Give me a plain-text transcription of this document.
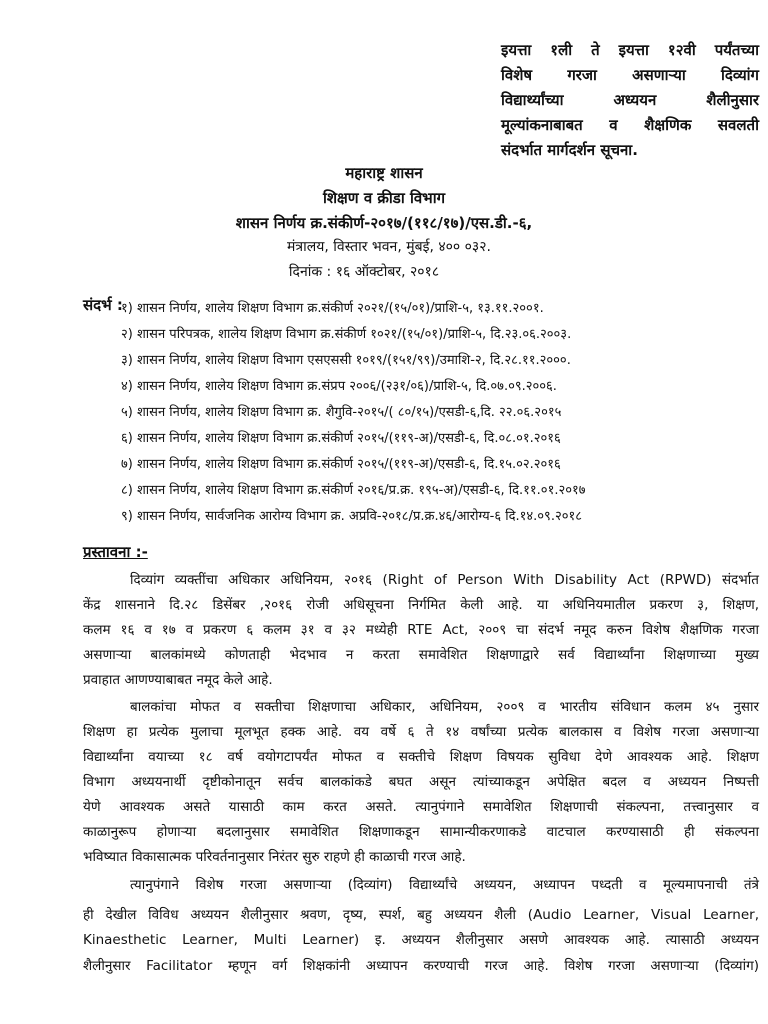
इयत्ता १ली ते इयत्ता १२वी पर्यंतच्या
विशेष गरजा असणाऱ्या दिव्यांग
विद्यार्थ्यांच्या अध्ययन शैलीनुसार
मूल्यांकनाबाबत व शैक्षणिक सवलती
संदर्भात मार्गदर्शन सूचना.
महाराष्ट्र शासन
शिक्षण व क्रीडा विभाग
शासन निर्णय क्र.संकीर्ण-२०१७/(११८/१७)/एस.डी.-६,
मंत्रालय, विस्तार भवन, मुंबई, ४०० ०३२.
दिनांक : १६ ऑक्टोबर, २०१८
संदर्भ :
१) शासन निर्णय, शालेय शिक्षण विभाग क्र.संकीर्ण २०२१/(१५/०१)/प्राशि-५, १३.११.२००१.
२) शासन परिपत्रक, शालेय शिक्षण विभाग क्र.संकीर्ण १०२१/(१५/०१)/प्राशि-५, दि.२३.०६.२००३.
३) शासन निर्णय, शालेय शिक्षण विभाग एसएससी १०१९/(१५१/९९)/उमाशि-२, दि.२८.११.२०००.
४) शासन निर्णय, शालेय शिक्षण विभाग क्र.संप्रप २००६/(२३१/०६)/प्राशि-५, दि.०७.०९.२००६.
५) शासन निर्णय, शालेय शिक्षण विभाग क्र. शैगुवि-२०१५/( ८०/१५)/एसडी-६,दि. २२.०६.२०१५
६) शासन निर्णय, शालेय शिक्षण विभाग क्र.संकीर्ण २०१५/(११९-अ)/एसडी-६, दि.०८.०१.२०१६
७) शासन निर्णय, शालेय शिक्षण विभाग क्र.संकीर्ण २०१५/(११९-अ)/एसडी-६, दि.१५.०२.२०१६
८) शासन निर्णय, शालेय शिक्षण विभाग क्र.संकीर्ण २०१६/प्र.क्र. १९५-अ)/एसडी-६, दि.११.०१.२०१७
९) शासन निर्णय, सार्वजनिक आरोग्य विभाग क्र. अप्रवि-२०१८/प्र.क्र.४६/आरोग्य-६ दि.१४.०९.२०१८
प्रस्तावना :-
दिव्यांग व्यक्तींचा अधिकार अधिनियम, २०१६ (Right of Person With Disability Act (RPWD) संदर्भात
केंद्र शासनाने दि.२८ डिसेंबर ,२०१६ रोजी अधिसूचना निर्गमित केली आहे. या अधिनियमातील प्रकरण ३, शिक्षण,
कलम १६ व १७ व प्रकरण ६ कलम ३१ व ३२ मध्येही RTE Act, २००९ चा संदर्भ नमूद करुन विशेष शैक्षणिक गरजा
असणाऱ्या बालकांमध्ये कोणताही भेदभाव न करता समावेशित शिक्षणाद्वारे सर्व विद्यार्थ्यांना शिक्षणाच्या मुख्य
प्रवाहात आणण्याबाबत नमूद केले आहे.
बालकांचा मोफत व सक्तीचा शिक्षणाचा अधिकार, अधिनियम, २००९ व भारतीय संविधान कलम ४५ नुसार
शिक्षण हा प्रत्येक मुलाचा मूलभूत हक्क आहे. वय वर्षे ६ ते १४ वर्षांच्या प्रत्येक बालकास व विशेष गरजा असणाऱ्या
विद्यार्थ्यांना वयाच्या १८ वर्ष वयोगटापर्यंत मोफत व सक्तीचे शिक्षण विषयक सुविधा देणे आवश्यक आहे. शिक्षण
विभाग अध्ययनार्थी दृष्टीकोनातून सर्वच बालकांकडे बघत असून त्यांच्याकडून अपेक्षित बदल व अध्ययन निष्पत्ती
येणे आवश्यक असते यासाठी काम करत असते. त्यानुपंगाने समावेशित शिक्षणाची संकल्पना, तत्त्वानुसार व
काळानुरूप होणाऱ्या बदलानुसार समावेशित शिक्षणाकडून सामान्यीकरणाकडे वाटचाल करण्यासाठी ही संकल्पना
भविष्यात विकासात्मक परिवर्तनानुसार निरंतर सुरु राहणे ही काळाची गरज आहे.
त्यानुपंगाने विशेष गरजा असणाऱ्या (दिव्यांग) विद्यार्थ्यांचे अध्ययन, अध्यापन पध्दती व मूल्यमापनाची तंत्रे
ही देखील विविध अध्ययन शैलीनुसार श्रवण, दृष्य, स्पर्श, बहु अध्ययन शैली (Audio Learner, Visual Learner,
Kinaesthetic Learner, Multi Learner) इ. अध्ययन शैलीनुसार असणे आवश्यक आहे. त्यासाठी अध्ययन
शैलीनुसार Facilitator म्हणून वर्ग शिक्षकांनी अध्यापन करण्याची गरज आहे. विशेष गरजा असणाऱ्या (दिव्यांग)
